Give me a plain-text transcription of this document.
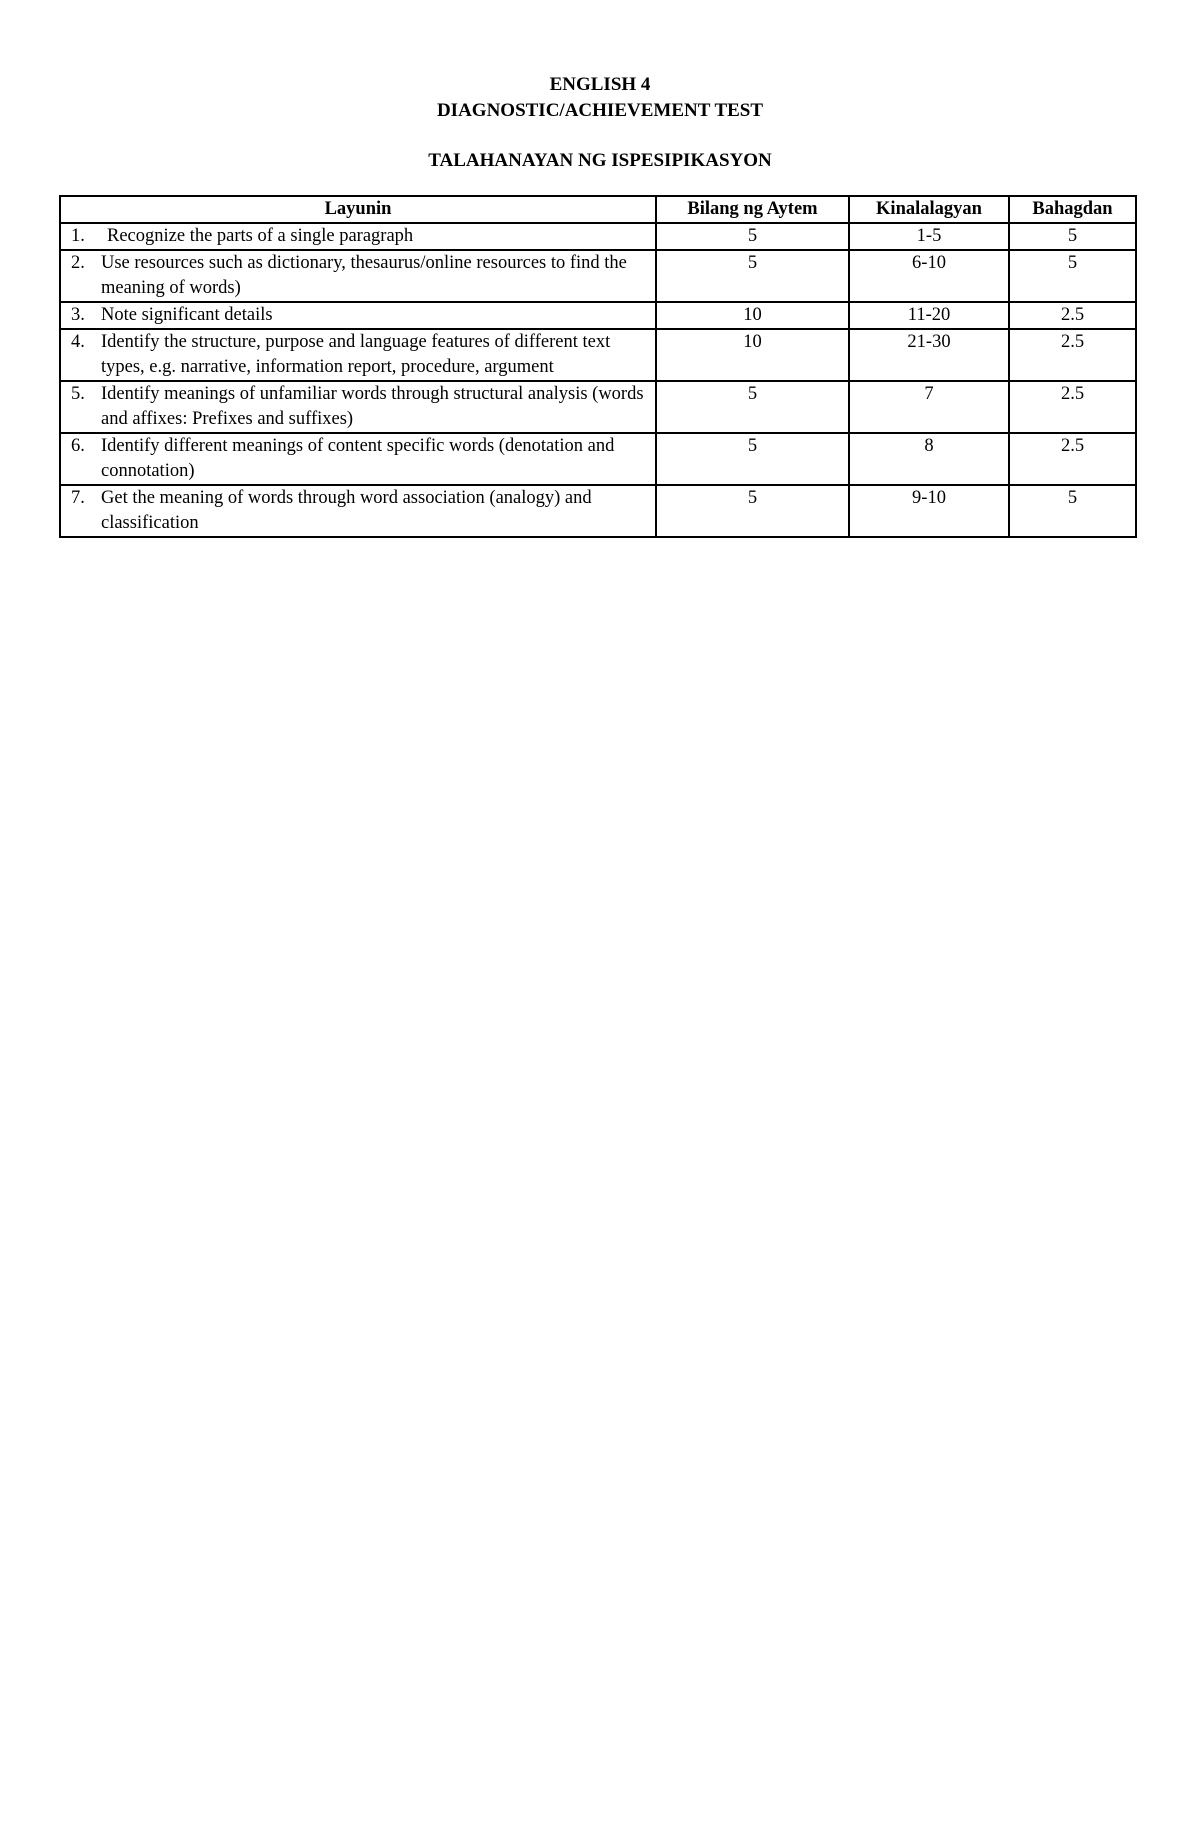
ENGLISH 4
DIAGNOSTIC/ACHIEVEMENT TEST
TALAHANAYAN NG ISPESIPIKASYON
Layunin	Bilang ng Aytem	Kinalalagyan	Bahagdan

1. Recognize the parts of a single paragraph	5	1-5	5

2. Use resources such as dictionary, thesaurus/online resources to find the meaning of words)	5	6-10	5

3. Note significant details	10	11-20	2.5

4. Identify the structure, purpose and language features of different text types, e.g. narrative, information report, procedure, argument	10	21-30	2.5

5. Identify meanings of unfamiliar words through structural analysis (words and affixes: Prefixes and suffixes)	5	7	2.5

6. Identify different meanings of content specific words (denotation and connotation)	5	8	2.5

7. Get the meaning of words through word association (analogy) and classification	5	9-10	5
